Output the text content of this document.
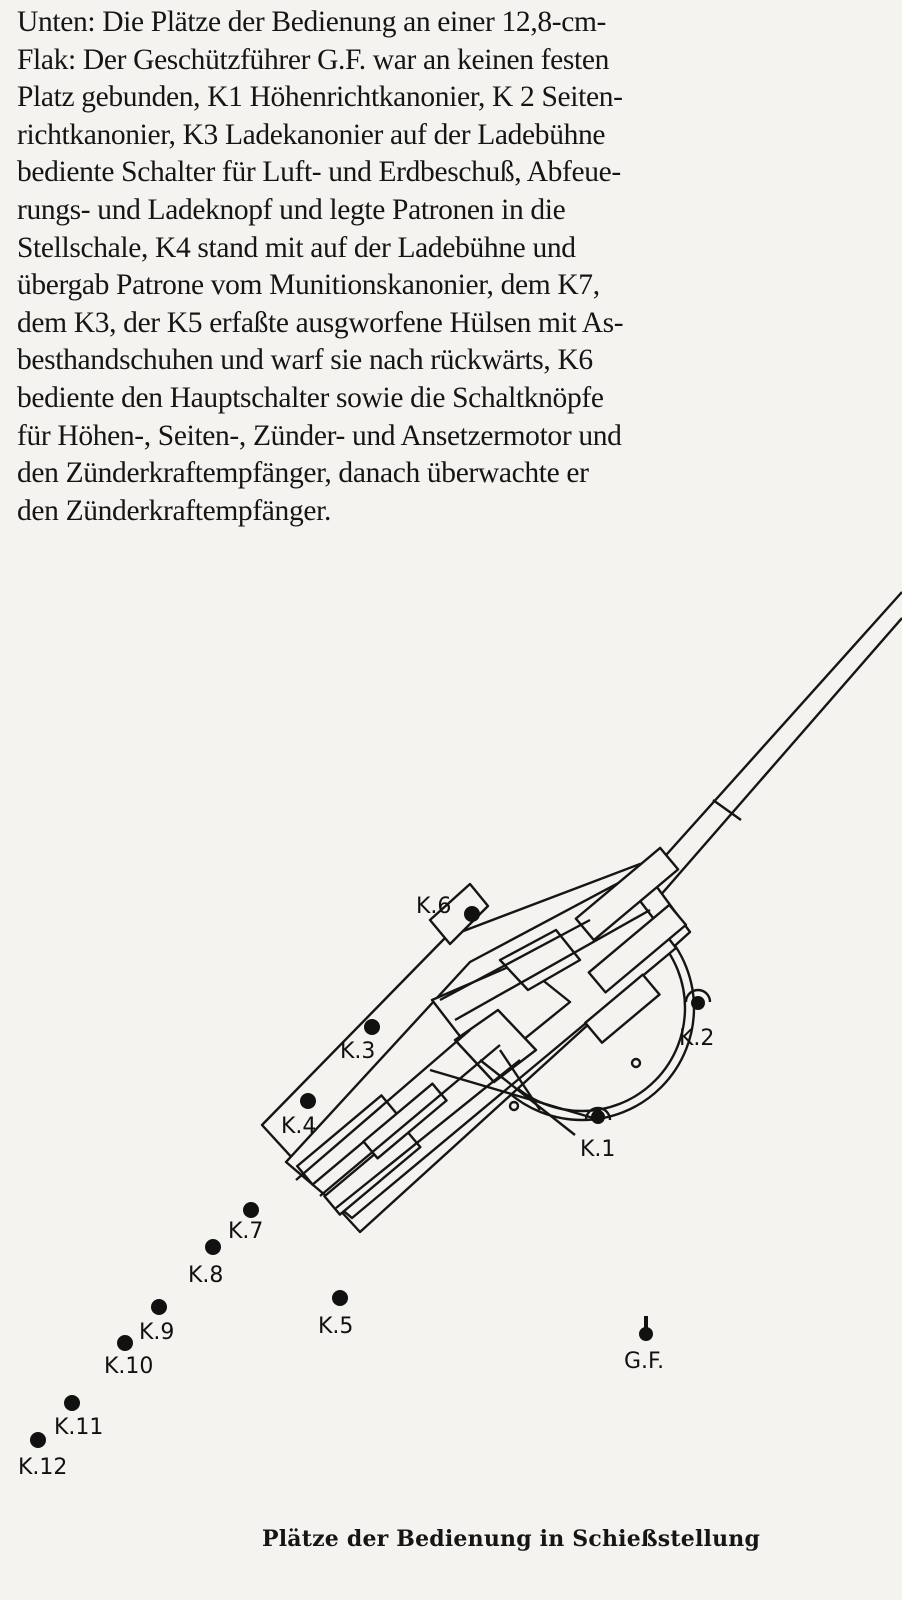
Unten: Die Plätze der Bedienung an einer 12,8-cm-
Flak: Der Geschützführer G.F. war an keinen festen
Platz gebunden, K1 Höhenrichtkanonier, K 2 Seiten-
richtkanonier, K3 Ladekanonier auf der Ladebühne
bediente Schalter für Luft- und Erdbeschuß, Abfeue-
rungs- und Ladeknopf und legte Patronen in die
Stellschale, K4 stand mit auf der Ladebühne und
übergab Patrone vom Munitionskanonier, dem K7,
dem K3, der K5 erfaßte ausgworfene Hülsen mit As-
besthandschuhen und warf sie nach rückwärts, K6
bediente den Hauptschalter sowie die Schaltknöpfe
für Höhen-, Seiten-, Zünder- und Ansetzermotor und
den Zünderkraftempfänger, danach überwachte er
den Zünderkraftempfänger.
K.1
K.2
K.3
K.4
K.5
K.6
K.7
K.8
K.9
K.10
K.11
K.12
G.F.
Plätze der Bedienung in Schießstellung
